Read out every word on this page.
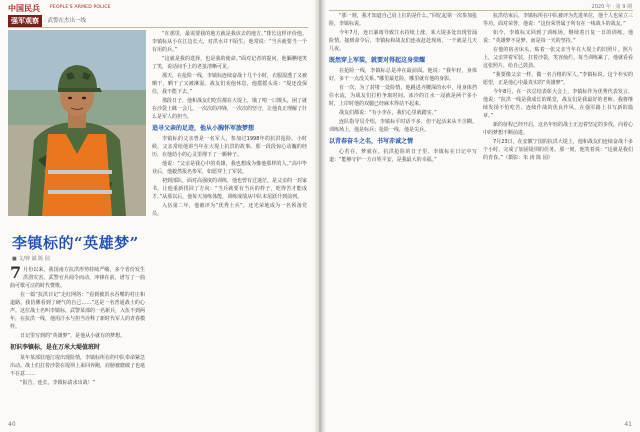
中国民兵 PEOPLE'S ARMED POLICE
强军观察 · 武警在杰出一线
李镇标的“英雄梦”
■ 文/钟 斌 陈 园

7 月份以来，我国南方抗洪形势持续严峻，多个省份发生洪涝灾害。武警官兵闻令而动，冲锋在前，谱写了一曲曲可歌可泣的时代赞歌。

在一篇“抗洪日记”走红网络：“看到被洪水吞噬的村庄和道路，我仿佛看到了硬气的自己……”这是一名普通战士的心声。这位战士名叫李镇标，武警某部的一名新兵，入伍不到两年，在抗洪一线，他用汗水与担当诠释了新时代军人的青春模样。

日记里写到的“英雄梦”，是他从小就有的梦想。

初识李镇标，是在万米大堤值班时

某年某部驻地江堤出现险情，李镇标所在的中队奉命紧急出动。战士们扛着沙袋在堤坝上来回奔跑，肩膀被磨破了也毫不在意……

“报告，连长，李镇标请求出战！”

“在那里，最需要我的地方就是我该去的地方。”排长这样评价他。李镇标从小在江边长大，对洪水并不陌生。他常说：“当兵就要当一个有用的兵。”

“这就是我的选择，也是我的使命。”面对记者的提问，他腼腆地笑了笑，说话间手上的老茧清晰可见。

那天，在抢险一线，李镇标连续奋战十几个小时，衣服湿透了又被晒干，晒干了又被淋湿。战友们劝他休息，他摇摇头说：“堤还没保住，我不能下去。”

那段日子，他和战友们吃住都在大堤上，饿了啃一口馒头，困了就在沙袋上眯一会儿。一次次的冲锋，一次次的坚守，让他真正理解了什么是军人的担当。

追寻父亲的足迹，他从小胸怀军旅梦想

李镇标的父亲曾是一名军人，参加过1998年的抗洪抢险。小时候，父亲常给他讲当年在大堤上抗洪的故事。那一段段惊心动魄的经历，在他幼小的心灵里埋下了一颗种子。

他说：“父亲是我心中的英雄，我也想成为像他那样的人。”高中毕业后，他毅然报名参军，如愿穿上了军装。

初到部队，面对高强度的训练，他也曾有过迷茫。是父亲的一封家书，让他重新找回了方向：“当兵就要有当兵的样子，吃得苦才能成才。”从那以后，他每天加练体能，训练成绩从中队末尾跃升到前列。

入伍第二年，他被评为“优秀士兵”，还光荣地成为一名预备党员。

40
2020 年 · 第 9 期

“那一刻，我才知道自己肩上扛的是什么。”回忆起第一次参加抢险，李镇标说。

今年7月，连日暴雨导致江水持续上涨，某大堤多处出现管涌险情。接到命令后，李镇标和战友们连夜赶赴现场，一干就是几天几夜。

既然穿上军装，就要对得起这身荣耀

在抢险一线，李镇标总是冲在最前面。他说：“我年轻，身体好，多干一点没关系。”哪里最危险，哪里就有他的身影。

有一次，为了封堵一处险情，他跳进齐腰深的水中，用身体挡住水流，为战友们打桩争取时间。冰冷的江水一浸就是两个多小时，上岸时他的双腿已经麻木得站不起来。

战友们都说：“有小李在，我们心里就踏实。”

连队指导员介绍，李镇标平时话不多，但干起活来从不含糊。训练场上，他是标兵；抢险一线，他是尖兵。

以青春奋斗之名，书写赤诚之情

心若在，梦就在。抗洪抢险的日子里，李镇标在日记中写道：“能够守护一方百姓平安，是我最大的幸福。”

抗洪结束后，李镇标所在中队被评为先进单位，他个人也荣立三等功。面对荣誉，他说：“这份荣誉属于所有在一线战斗的战友。”

如今，李镇标又回到了训练场，继续着日复一日的训练。他说：“英雄梦不是梦，而是每一天的坚持。”

在他的宿舍床头，贴着一张父亲当年在大堤上的旧照片。照片上，父亲穿着军装，扛着沙袋，笑容灿烂。每当训练累了，他就看看这张照片，给自己鼓劲。

“我要像父亲一样，做一名合格的军人。”李镇标说。这个朴实的愿望，正是他心中最真实的“英雄梦”。

今年8月，在一次总结表彰大会上，李镇标作为优秀代表发言。他说：“抗洪一线是我成长的课堂，战友们是我最好的老师。我将继续发扬不怕吃苦、连续作战的优良作风，在强军路上书写新的篇章。”

新的征程已经开启，这名年轻的战士正迈着坚定的步伐，向着心中的梦想不断前进。

7月23日，在安徽宁国的抗洪大堤上，他和战友们连续奋战十多个小时，完成了加固堤坝的任务。那一刻，他笑着说：“这就是我们的青春。”（摄影：朱 涛 陈 园）

41
